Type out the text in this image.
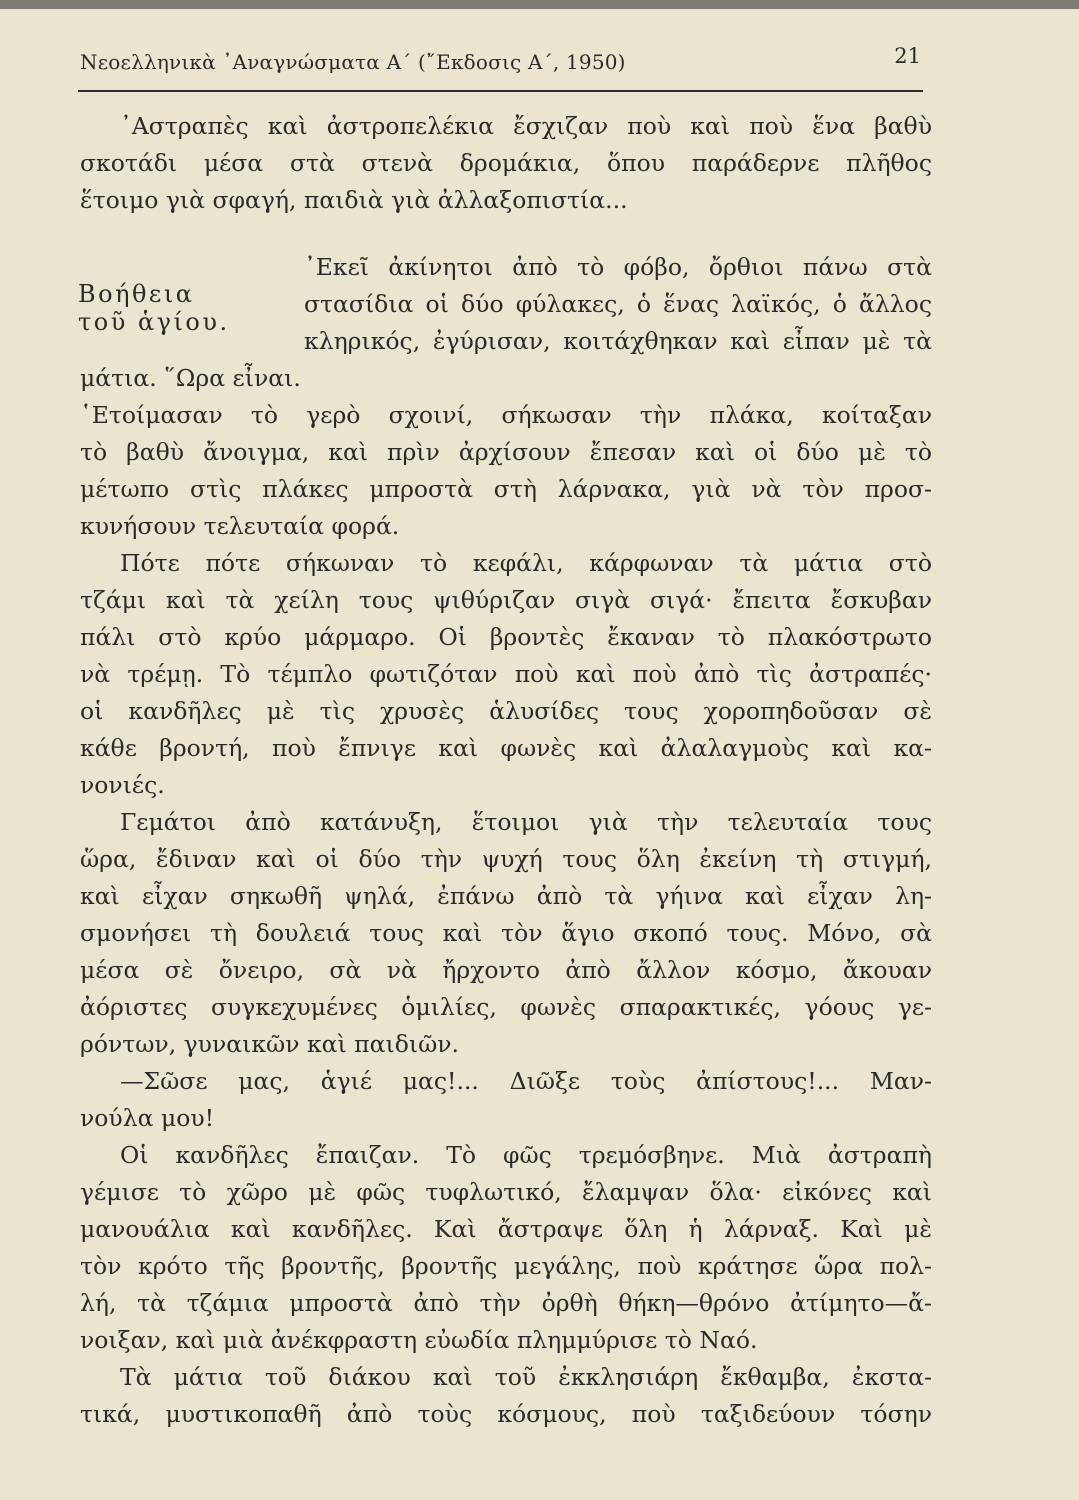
Νεοελληνικὰ ᾿Αναγνώσματα Α΄ (῎Εκδοσις Α΄, 1950)	21
Βοήθεια
τοῦ ἁγίου.
᾿Αστραπὲς καὶ ἀστροπελέκια ἔσχιζαν ποὺ καὶ ποὺ ἕνα βαθὺ
σκοτάδι μέσα στὰ στενὰ δρομάκια, ὅπου παράδερνε πλῆθος
ἕτοιμο γιὰ σφαγή, παιδιὰ γιὰ ἀλλαξοπιστία...
᾿Εκεῖ ἀκίνητοι ἀπὸ τὸ φόβο, ὄρθιοι πάνω στὰ
στασίδια οἱ δύο φύλακες, ὁ ἕνας λαϊκός, ὁ ἄλλος
κληρικός, ἐγύρισαν, κοιτάχθηκαν καὶ εἶπαν μὲ τὰ
μάτια. ῞Ωρα εἶναι.
῾Ετοίμασαν τὸ γερὸ σχοινί, σήκωσαν τὴν πλάκα, κοίταξαν
τὸ βαθὺ ἄνοιγμα, καὶ πρὶν ἀρχίσουν ἔπεσαν καὶ οἱ δύο μὲ τὸ
μέτωπο στὶς πλάκες μπροστὰ στὴ λάρνακα, γιὰ νὰ τὸν προσ-
κυνήσουν τελευταία φορά.
Πότε πότε σήκωναν τὸ κεφάλι, κάρφωναν τὰ μάτια στὸ
τζάμι καὶ τὰ χείλη τους ψιθύριζαν σιγὰ σιγά· ἔπειτα ἔσκυβαν
πάλι στὸ κρύο μάρμαρο. Οἱ βροντὲς ἔκαναν τὸ πλακόστρωτο
νὰ τρέμῃ. Τὸ τέμπλο φωτιζόταν ποὺ καὶ ποὺ ἀπὸ τὶς ἀστραπές·
οἱ κανδῆλες μὲ τὶς χρυσὲς ἁλυσίδες τους χοροπηδοῦσαν σὲ
κάθε βροντή, ποὺ ἔπνιγε καὶ φωνὲς καὶ ἀλαλαγμοὺς καὶ κα-
νονιές.
Γεμάτοι ἀπὸ κατάνυξη, ἕτοιμοι γιὰ τὴν τελευταία τους
ὥρα, ἔδιναν καὶ οἱ δύο τὴν ψυχή τους ὅλη ἐκείνη τὴ στιγμή,
καὶ εἶχαν σηκωθῆ ψηλά, ἐπάνω ἀπὸ τὰ γήινα καὶ εἶχαν λη-
σμονήσει τὴ δουλειά τους καὶ τὸν ἅγιο σκοπό τους. Μόνο, σὰ
μέσα σὲ ὄνειρο, σὰ νὰ ἤρχοντο ἀπὸ ἄλλον κόσμο, ἄκουαν
ἀόριστες συγκεχυμένες ὁμιλίες, φωνὲς σπαρακτικές, γόους γε-
ρόντων, γυναικῶν καὶ παιδιῶν.
—Σῶσε μας, ἁγιέ μας!... Διῶξε τοὺς ἀπίστους!... Μαν-
νούλα μου!
Οἱ κανδῆλες ἔπαιζαν. Τὸ φῶς τρεμόσβηνε. Μιὰ ἀστραπὴ
γέμισε τὸ χῶρο μὲ φῶς τυφλωτικό, ἔλαμψαν ὅλα· εἰκόνες καὶ
μανουάλια καὶ κανδῆλες. Καὶ ἄστραψε ὅλη ἡ λάρναξ. Καὶ μὲ
τὸν κρότο τῆς βροντῆς, βροντῆς μεγάλης, ποὺ κράτησε ὥρα πολ-
λή, τὰ τζάμια μπροστὰ ἀπὸ τὴν ὀρθὴ θήκη—θρόνο ἀτίμητο—ἄ-
νοιξαν, καὶ μιὰ ἀνέκφραστη εὐωδία πλημμύρισε τὸ Ναό.
Τὰ μάτια τοῦ διάκου καὶ τοῦ ἐκκλησιάρη ἔκθαμβα, ἐκστα-
τικά, μυστικοπαθῆ ἀπὸ τοὺς κόσμους, ποὺ ταξιδεύουν τόσην
